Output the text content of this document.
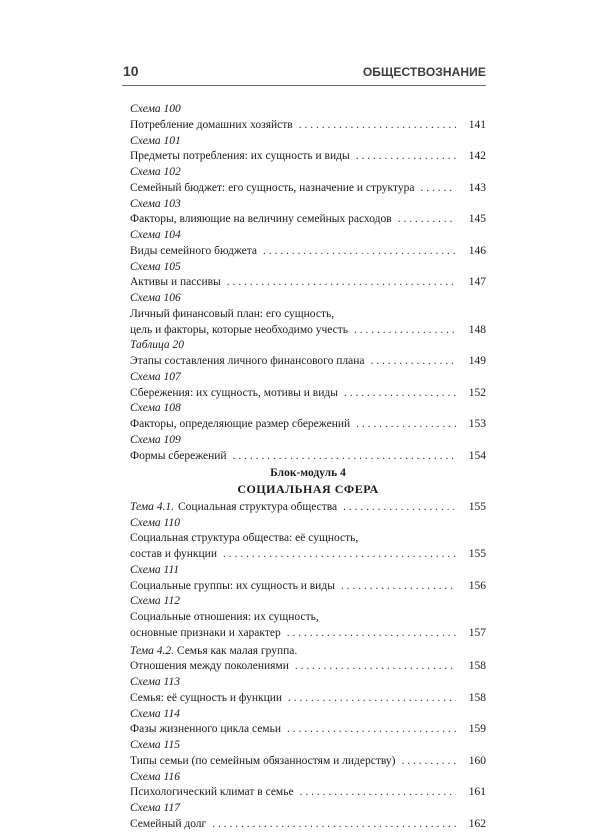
10	ОБЩЕСТВОЗНАНИЕ
Схема 100
Потребление домашних хозяйств . . .	141
Схема 101
Предметы потребления: их сущность и виды . . .	142
Схема 102
Семейный бюджет: его сущность, назначение и структура . . .	143
Схема 103
Факторы, влияющие на величину семейных расходов . . .	145
Схема 104
Виды семейного бюджета . . .	146
Схема 105
Активы и пассивы . . .	147
Схема 106
Личный финансовый план: его сущность,
цель и факторы, которые необходимо учесть . . .	148
Таблица 20
Этапы составления личного финансового плана . . .	149
Схема 107
Сбережения: их сущность, мотивы и виды . . .	152
Схема 108
Факторы, определяющие размер сбережений . . .	153
Схема 109
Формы сбережений . . .	154
Блок-модуль 4
СОЦИАЛЬНАЯ СФЕРА
Тема 4.1. Социальная структура общества . . .	155
Схема 110
Социальная структура общества: её сущность,
состав и функции . . .	155
Схема 111
Социальные группы: их сущность и виды . . .	156
Схема 112
Социальные отношения: их сущность,
основные признаки и характер . . .	157
Тема 4.2. Семья как малая группа.
Отношения между поколениями . . .	158
Схема 113
Семья: её сущность и функции . . .	158
Схема 114
Фазы жизненного цикла семьи . . .	159
Схема 115
Типы семьи (по семейным обязанностям и лидерству) . . .	160
Схема 116
Психологический климат в семье . . .	161
Схема 117
Семейный долг . . .	162
